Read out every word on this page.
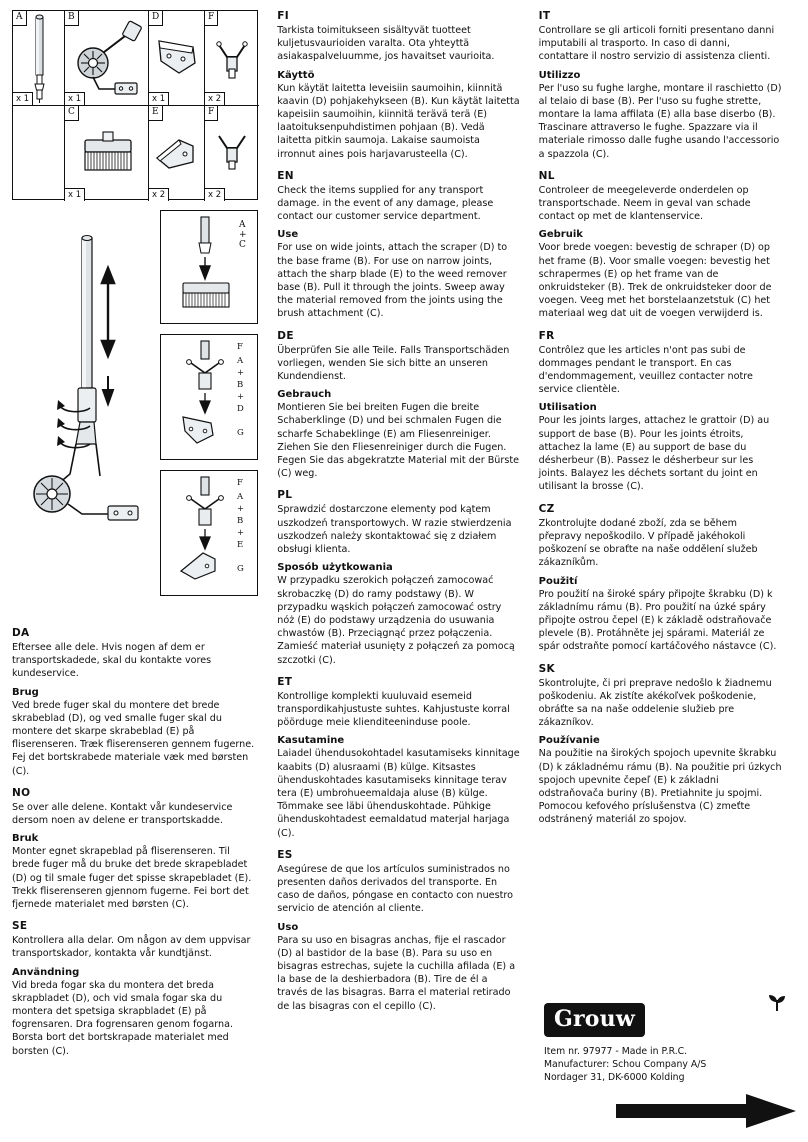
A
x 1
B
x 1
D
x 1
F
x 2
C
x 1
E
x 2
F
x 2
A
+
C
F
A
+
B
+
D
G
F
A
+
B
+
E
G
DA

Eftersee alle dele. Hvis nogen af dem er transportskadede, skal du kontakte vores kundeservice.

Brug

Ved brede fuger skal du montere det brede skrabeblad (D), og ved smalle fuger skal du montere det skarpe skrabeblad (E) på fliserenseren. Træk fliserenseren gennem fugerne. Fej det bortskrabede materiale væk med børsten (C).

NO

Se over alle delene. Kontakt vår kundeservice dersom noen av delene er transportskadde.

Bruk

Monter egnet skrapeblad på fliserenseren. Til brede fuger må du bruke det brede skrapebladet (D) og til smale fuger det spisse skrapebladet (E). Trekk fliserenseren gjennom fugerne. Fei bort det fjernede materialet med børsten (C).

SE

Kontrollera alla delar. Om någon av dem uppvisar transportskador, kontakta vår kundtjänst.

Användning

Vid breda fogar ska du montera det breda skrapbladet (D), och vid smala fogar ska du montera det spetsiga skrapbladet (E) på fogrensaren. Dra fogrensaren genom fogarna. Borsta bort det bortskrapade materialet med borsten (C).

FI

Tarkista toimitukseen sisältyvät tuotteet kuljetusvaurioiden varalta. Ota yhteyttä asiakaspalveluumme, jos havaitset vaurioita.

Käyttö

Kun käytät laitetta leveisiin saumoihin, kiinnitä kaavin (D) pohjakehykseen (B). Kun käytät laitetta kapeisiin saumoihin, kiinnitä terävä terä (E) laatoituksenpuhdistimen pohjaan (B). Vedä laitetta pitkin saumoja. Lakaise saumoista irronnut aines pois harjavarusteella (C).

EN

Check the items supplied for any transport damage. in the event of any damage, please contact our customer service department.

Use

For use on wide joints, attach the scraper (D) to the base frame (B). For use on narrow joints, attach the sharp blade (E) to the weed remover base (B). Pull it through the joints. Sweep away the material removed from the joints using the brush attachment (C).

DE

Überprüfen Sie alle Teile. Falls Transportschäden vorliegen, wenden Sie sich bitte an unseren Kundendienst.

Gebrauch

Montieren Sie bei breiten Fugen die breite Schaberklinge (D) und bei schmalen Fugen die scharfe Schabeklinge (E) am Fliesenreiniger. Ziehen Sie den Fliesenreiniger durch die Fugen. Fegen Sie das abgekratzte Material mit der Bürste (C) weg.

PL

Sprawdzić dostarczone elementy pod kątem uszkodzeń transportowych. W razie stwierdzenia uszkodzeń należy skontaktować się z działem obsługi klienta.

Sposób użytkowania

W przypadku szerokich połączeń zamocować skrobaczkę (D) do ramy podstawy (B). W przypadku wąskich połączeń zamocować ostry nóż (E) do podstawy urządzenia do usuwania chwastów (B). Przeciągnąć przez połączenia. Zamieść materiał usunięty z połączeń za pomocą szczotki (C).

ET

Kontrollige komplekti kuuluvaid esemeid transpordikahjustuste suhtes. Kahjustuste korral pöörduge meie klienditeeninduse poole.

Kasutamine

Laiadel ühendusokohtadel kasutamiseks kinnitage kaabits (D) alusraami (B) külge. Kitsastes ühenduskohtades kasutamiseks kinnitage terav tera (E) umbrohueemaldaja aluse (B) külge. Tõmmake see läbi ühenduskohtade. Pühkige ühenduskohtadest eemaldatud materjal harjaga (C).

ES

Asegúrese de que los artículos suministrados no presenten daños derivados del transporte. En caso de daños, póngase en contacto con nuestro servicio de atención al cliente.

Uso

Para su uso en bisagras anchas, fije el rascador (D) al bastidor de la base (B). Para su uso en bisagras estrechas, sujete la cuchilla afilada (E) a la base de la deshierbadora (B). Tire de él a través de las bisagras. Barra el material retirado de las bisagras con el cepillo (C).

IT

Controllare se gli articoli forniti presentano danni imputabili al trasporto. In caso di danni, contattare il nostro servizio di assistenza clienti.

Utilizzo

Per l'uso su fughe larghe, montare il raschietto (D) al telaio di base (B). Per l'uso su fughe strette, montare la lama affilata (E) alla base diserbo (B). Trascinare attraverso le fughe. Spazzare via il materiale rimosso dalle fughe usando l'accessorio a spazzola (C).

NL

Controleer de meegeleverde onderdelen op transportschade. Neem in geval van schade contact op met de klantenservice.

Gebruik

Voor brede voegen: bevestig de schraper (D) op het frame (B). Voor smalle voegen: bevestig het schrapermes (E) op het frame van de onkruidsteker (B). Trek de onkruidsteker door de voegen. Veeg met het borstelaanzetstuk (C) het materiaal weg dat uit de voegen verwijderd is.

FR

Contrôlez que les articles n'ont pas subi de dommages pendant le transport. En cas d'endommagement, veuillez contacter notre service clientèle.

Utilisation

Pour les joints larges, attachez le grattoir (D) au support de base (B). Pour les joints étroits, attachez la lame (E) au support de base du désherbeur (B). Passez le désherbeur sur les joints. Balayez les déchets sortant du joint en utilisant la brosse (C).

CZ

Zkontrolujte dodané zboží, zda se během přepravy nepoškodilo. V případě jakéhokoli poškození se obraťte na naše oddělení služeb zákazníkům.

Použití

Pro použití na široké spáry připojte škrabku (D) k základnímu rámu (B). Pro použití na úzké spáry připojte ostrou čepel (E) k základě odstraňovače plevele (B). Protáhněte jej spárami. Materiál ze spár odstraňte pomocí kartáčového nástavce (C).

SK

Skontrolujte, či pri preprave nedošlo k žiadnemu poškodeniu. Ak zistíte akékoľvek poškodenie, obráťte sa na naše oddelenie služieb pre zákazníkov.

Používanie

Na použitie na širokých spojoch upevnite škrabku (D) k základnému rámu (B). Na použitie pri úzkych spojoch upevnite čepeľ (E) k základni odstraňovača buriny (B). Pretiahnite ju spojmi. Pomocou kefového príslušenstva (C) zmeťte odstránený materiál zo spojov.

Grouw
Item nr. 97977 - Made in P.R.C.
Manufacturer: Schou Company A/S
Nordager 31, DK-6000 Kolding
